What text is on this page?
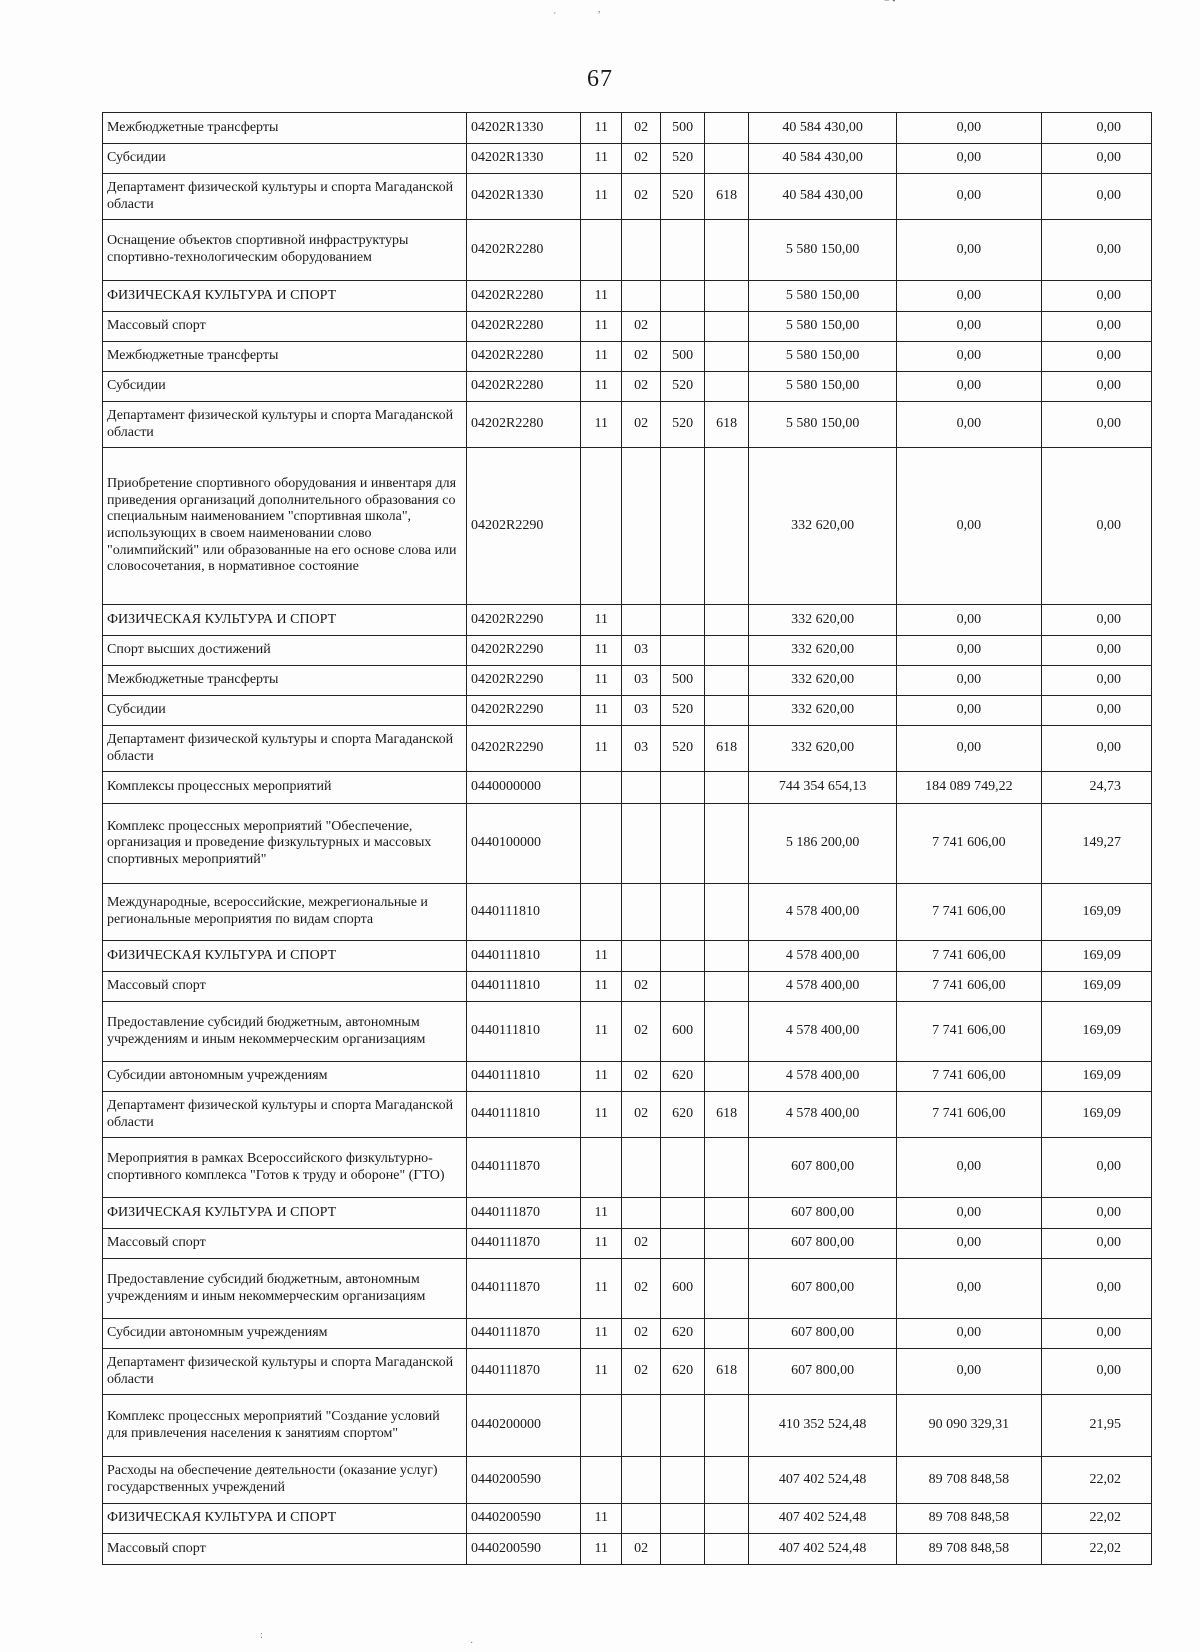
67
´
,
− •
:
·
Межбюджетные трансферты	04202R1330	11	02	500		40 584 430,00	0,00	0,00
Субсидии	04202R1330	11	02	520		40 584 430,00	0,00	0,00
Департамент физической культуры и спорта Магаданской области	04202R1330	11	02	520	618	40 584 430,00	0,00	0,00
Оснащение объектов спортивной инфраструктуры спортивно-технологическим оборудованием	04202R2280					5 580 150,00	0,00	0,00
ФИЗИЧЕСКАЯ КУЛЬТУРА И СПОРТ	04202R2280	11				5 580 150,00	0,00	0,00
Массовый спорт	04202R2280	11	02			5 580 150,00	0,00	0,00
Межбюджетные трансферты	04202R2280	11	02	500		5 580 150,00	0,00	0,00
Субсидии	04202R2280	11	02	520		5 580 150,00	0,00	0,00
Департамент физической культуры и спорта Магаданской области	04202R2280	11	02	520	618	5 580 150,00	0,00	0,00
Приобретение спортивного оборудования и инвентаря для приведения организаций дополнительного образования со специальным наименованием "спортивная школа", использующих в своем наименовании слово "олимпийский" или образованные на его основе слова или словосочетания, в нормативное состояние	04202R2290					332 620,00	0,00	0,00
ФИЗИЧЕСКАЯ КУЛЬТУРА И СПОРТ	04202R2290	11				332 620,00	0,00	0,00
Спорт высших достижений	04202R2290	11	03			332 620,00	0,00	0,00
Межбюджетные трансферты	04202R2290	11	03	500		332 620,00	0,00	0,00
Субсидии	04202R2290	11	03	520		332 620,00	0,00	0,00
Департамент физической культуры и спорта Магаданской области	04202R2290	11	03	520	618	332 620,00	0,00	0,00
Комплексы процессных мероприятий	0440000000					744 354 654,13	184 089 749,22	24,73
Комплекс процессных мероприятий "Обеспечение, организация и проведение физкультурных и массовых спортивных мероприятий"	0440100000					5 186 200,00	7 741 606,00	149,27
Международные, всероссийские, межрегиональные и региональные мероприятия по видам спорта	0440111810					4 578 400,00	7 741 606,00	169,09
ФИЗИЧЕСКАЯ КУЛЬТУРА И СПОРТ	0440111810	11				4 578 400,00	7 741 606,00	169,09
Массовый спорт	0440111810	11	02			4 578 400,00	7 741 606,00	169,09
Предоставление субсидий бюджетным, автономным учреждениям и иным некоммерческим организациям	0440111810	11	02	600		4 578 400,00	7 741 606,00	169,09
Субсидии автономным учреждениям	0440111810	11	02	620		4 578 400,00	7 741 606,00	169,09
Департамент физической культуры и спорта Магаданской области	0440111810	11	02	620	618	4 578 400,00	7 741 606,00	169,09
Мероприятия в рамках Всероссийского физкультурно-спортивного комплекса "Готов к труду и обороне" (ГТО)	0440111870					607 800,00	0,00	0,00
ФИЗИЧЕСКАЯ КУЛЬТУРА И СПОРТ	0440111870	11				607 800,00	0,00	0,00
Массовый спорт	0440111870	11	02			607 800,00	0,00	0,00
Предоставление субсидий бюджетным, автономным учреждениям и иным некоммерческим организациям	0440111870	11	02	600		607 800,00	0,00	0,00
Субсидии автономным учреждениям	0440111870	11	02	620		607 800,00	0,00	0,00
Департамент физической культуры и спорта Магаданской области	0440111870	11	02	620	618	607 800,00	0,00	0,00
Комплекс процессных мероприятий "Создание условий для привлечения населения к занятиям спортом"	0440200000					410 352 524,48	90 090 329,31	21,95
Расходы на обеспечение деятельности (оказание услуг) государственных учреждений	0440200590					407 402 524,48	89 708 848,58	22,02
ФИЗИЧЕСКАЯ КУЛЬТУРА И СПОРТ	0440200590	11				407 402 524,48	89 708 848,58	22,02
Массовый спорт	0440200590	11	02			407 402 524,48	89 708 848,58	22,02
